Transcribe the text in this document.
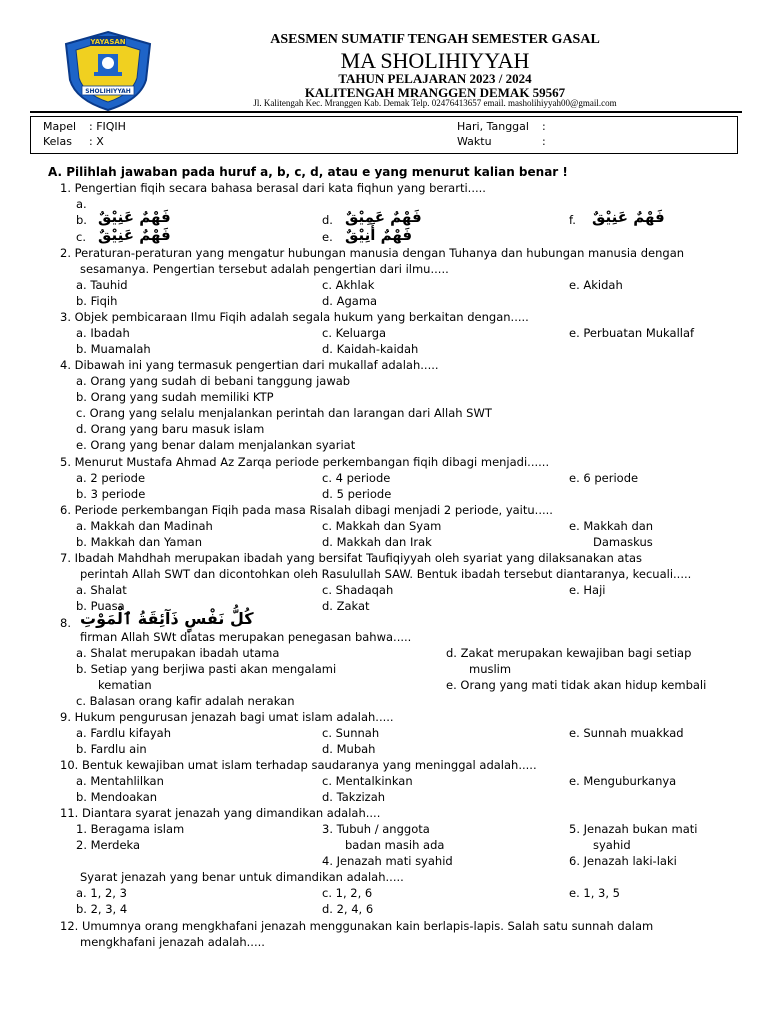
YAYASAN
SHOLIHIYYAH
ASESMEN SUMATIF TENGAH SEMESTER GASAL
MA SHOLIHIYYAH
TAHUN PELAJARAN 2023 / 2024
KALITENGAH MRANGGEN DEMAK 59567
Jl. Kalitengah Kec. Mranggen Kab. Demak Telp. 02476413657 email. masholihiyyah00@gmail.com
Mapel : FIQIH
Kelas : X
Hari, Tanggal :
Waktu	:
A. Pilihlah jawaban pada huruf a, b, c, d, atau e yang menurut kalian benar !
1. Pengertian fiqih secara bahasa berasal dari kata fiqhun yang berarti.....
a.
b. فَهْمٌ عَنِيْقٌ
c. فَهْمٌ عَنِيْقٌ
d. فَهْمٌ عَمِيْقٌ
e. فَهْمٌ أَنِيْقٌ
f. فَهْمٌ عَنِيْقٌ
2. Peraturan-peraturan yang mengatur hubungan manusia dengan Tuhanya dan hubungan manusia dengan
sesamanya. Pengertian tersebut adalah pengertian dari ilmu.....
a. Tauhid
b. Fiqih
c. Akhlak
d. Agama
e. Akidah
3. Objek pembicaraan Ilmu Fiqih adalah segala hukum yang berkaitan dengan.....
a. Ibadah
b. Muamalah
c. Keluarga
d. Kaidah-kaidah
e. Perbuatan Mukallaf
4. Dibawah ini yang termasuk pengertian dari mukallaf adalah.....
a. Orang yang sudah di bebani tanggung jawab
b. Orang yang sudah memiliki KTP
c. Orang yang selalu menjalankan perintah dan larangan dari Allah SWT
d. Orang yang baru masuk islam
e. Orang yang benar dalam menjalankan syariat
5. Menurut Mustafa Ahmad Az Zarqa periode perkembangan fiqih dibagi menjadi......
a. 2 periode
b. 3 periode
c. 4 periode
d. 5 periode
e. 6 periode
6. Periode perkembangan Fiqih pada masa Risalah dibagi menjadi 2 periode, yaitu.....
a. Makkah dan Madinah
b. Makkah dan Yaman
c. Makkah dan Syam
d. Makkah dan Irak
e. Makkah dan
Damaskus
7. Ibadah Mahdhah merupakan ibadah yang bersifat Taufiqiyyah oleh syariat yang dilaksanakan atas
perintah Allah SWT dan dicontohkan oleh Rasulullah SAW. Bentuk ibadah tersebut diantaranya, kecuali.....
a. Shalat
b. Puasa
c. Shadaqah
d. Zakat
e. Haji
8. كُلُّ نَفْسٍ ذَآئِقَةُ ٱلْمَوْتِ
firman Allah SWt diatas merupakan penegasan bahwa.....
a. Shalat merupakan ibadah utama
b. Setiap yang berjiwa pasti akan mengalami
kematian
c. Balasan orang kafir adalah nerakan
d. Zakat merupakan kewajiban bagi setiap
muslim
e. Orang yang mati tidak akan hidup kembali
9. Hukum pengurusan jenazah bagi umat islam adalah.....
a. Fardlu kifayah
b. Fardlu ain
c. Sunnah
d. Mubah
e. Sunnah muakkad
10. Bentuk kewajiban umat islam terhadap saudaranya yang meninggal adalah.....
a. Mentahlilkan
b. Mendoakan
c. Mentalkinkan
d. Takzizah
e. Menguburkanya
11. Diantara syarat jenazah yang dimandikan adalah....
1. Beragama islam
2. Merdeka
3. Tubuh / anggota
badan masih ada
4. Jenazah mati syahid
5. Jenazah bukan mati
syahid
6. Jenazah laki-laki
Syarat jenazah yang benar untuk dimandikan adalah.....
a. 1, 2, 3
b. 2, 3, 4
c. 1, 2, 6
d. 2, 4, 6
e. 1, 3, 5
12. Umumnya orang mengkhafani jenazah menggunakan kain berlapis-lapis. Salah satu sunnah dalam
mengkhafani jenazah adalah.....
